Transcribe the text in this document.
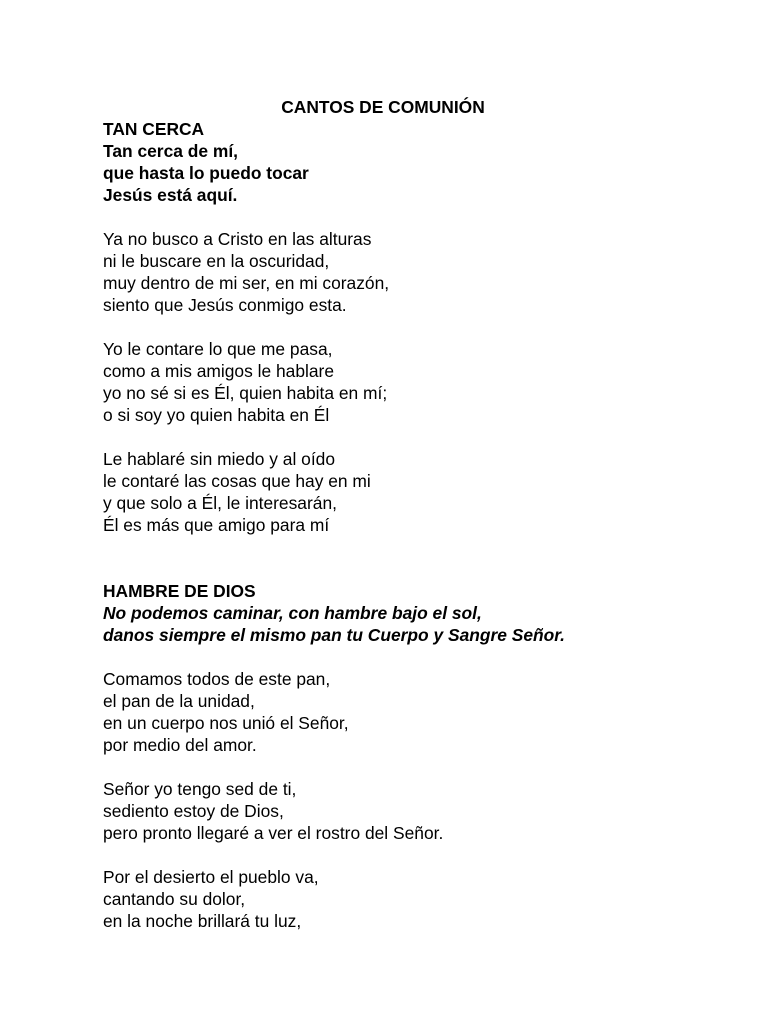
CANTOS DE COMUNIÓN
TAN CERCA
Tan cerca de mí,
que hasta lo puedo tocar
Jesús está aquí.
Ya no busco a Cristo en las alturas
ni le buscare en la oscuridad,
muy dentro de mi ser, en mi corazón,
siento que Jesús conmigo esta.
Yo le contare lo que me pasa,
como a mis amigos le hablare
yo no sé si es Él, quien habita en mí;
o si soy yo quien habita en Él
Le hablaré sin miedo y al oído
le contaré las cosas que hay en mi
y que solo a Él, le interesarán,
Él es más que amigo para mí
HAMBRE DE DIOS
No podemos caminar, con hambre bajo el sol,
danos siempre el mismo pan tu Cuerpo y Sangre Señor.
Comamos todos de este pan,
el pan de la unidad,
en un cuerpo nos unió el Señor,
por medio del amor.
Señor yo tengo sed de ti,
sediento estoy de Dios,
pero pronto llegaré a ver el rostro del Señor.
Por el desierto el pueblo va,
cantando su dolor,
en la noche brillará tu luz,
